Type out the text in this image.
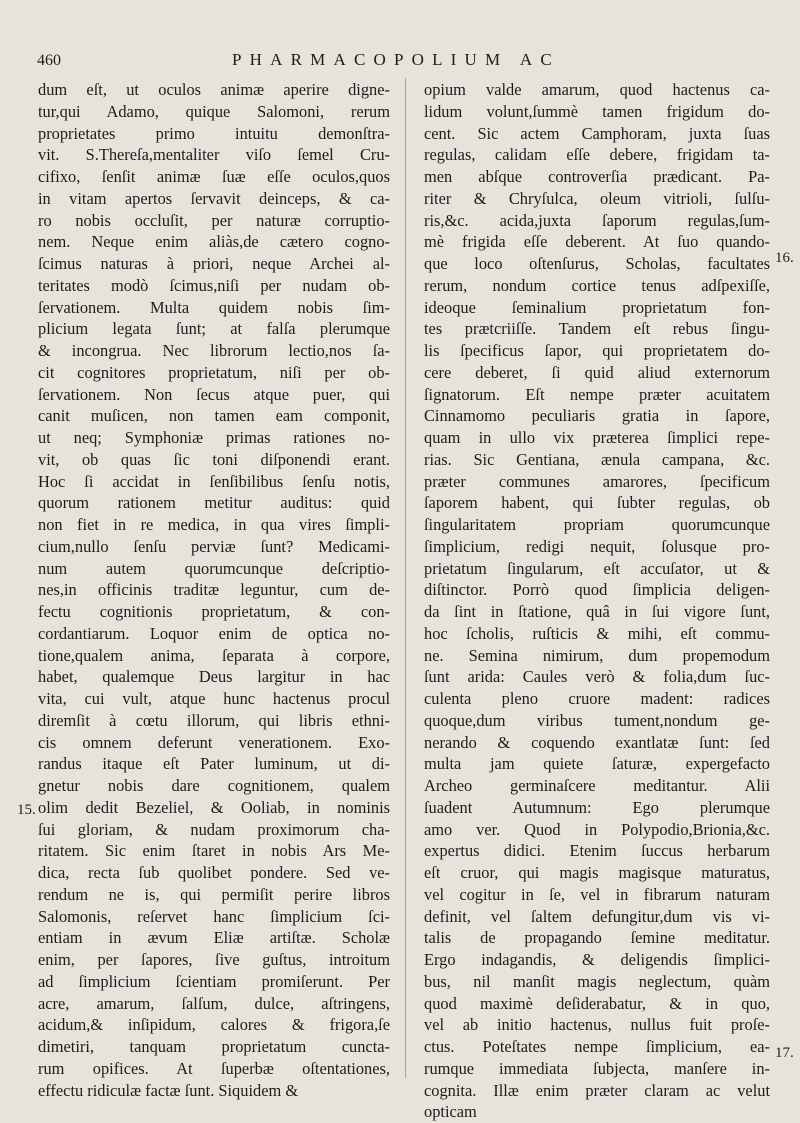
460	PHARMACOPOLIUM AC
dum eſt, ut oculos animæ aperire digne-
tur,qui Adamo, quique Salomoni, rerum
proprietates primo intuitu demonſtra-
vit. S.Thereſa,mentaliter viſo ſemel Cru-
cifixo, ſenſit animæ ſuæ eſſe oculos,quos
in vitam apertos ſervavit deinceps, & ca-
ro nobis occluſit, per naturæ corruptio-
nem. Neque enim aliàs,de cætero cogno-
ſcimus naturas à priori, neque Archei al-
teritates modò ſcimus,niſi per nudam ob-
ſervationem. Multa quidem nobis ſim-
plicium legata ſunt; at falſa plerumque
& incongrua. Nec librorum lectio,nos ſa-
cit cognitores proprietatum, niſi per ob-
ſervationem. Non ſecus atque puer, qui
canit muſicen, non tamen eam componit,
ut neq; Symphoniæ primas rationes no-
vit, ob quas ſic toni diſponendi erant.
Hoc ſi accidat in ſenſibilibus ſenſu notis,
quorum rationem metitur auditus: quid
non fiet in re medica, in qua vires ſimpli-
cium,nullo ſenſu perviæ ſunt? Medicami-
num autem quorumcunque deſcriptio-
nes,in officinis traditæ leguntur, cum de-
fectu cognitionis proprietatum, & con-
cordantiarum. Loquor enim de optica no-
tione,qualem anima, ſeparata à corpore,
habet, qualemque Deus largitur in hac
vita, cui vult, atque hunc hactenus procul
diremſit à cœtu illorum, qui libris ethni-
cis omnem deferunt venerationem. Exo-
randus itaque eſt Pater luminum, ut di-
gnetur nobis dare cognitionem, qualem
olim dedit Bezeliel, & Ooliab, in nominis
ſui gloriam, & nudam proximorum cha-
ritatem. Sic enim ſtaret in nobis Ars Me-
dica, recta ſub quolibet pondere. Sed ve-
rendum ne is, qui permiſit perire libros
Salomonis, reſervet hanc ſimplicium ſci-
entiam in ævum Eliæ artiſtæ. Scholæ
enim, per ſapores, ſive guſtus, introitum
ad ſimplicium ſcientiam promiſerunt. Per
acre, amarum, ſalſum, dulce, aſtringens,
acidum,& inſipidum, calores & frigora,ſe
dimetiri, tanquam proprietatum cuncta-
rum opifices. At ſuperbæ oſtentationes,
effectu ridiculæ factæ ſunt. Siquidem &
opium valde amarum, quod hactenus ca-
lidum volunt,ſummè tamen frigidum do-
cent. Sic actem Camphoram, juxta ſuas
regulas, calidam eſſe debere, frigidam ta-
men abſque controverſia prædicant. Pa-
riter & Chryſulca, oleum vitrioli, ſulſu-
ris,&c. acida,juxta ſaporum regulas,ſum-
mè frigida eſſe deberent. At ſuo quando-
que loco oſtenſurus, Scholas, facultates
rerum, nondum cortice tenus adſpexiſſe,
ideoque ſeminalium proprietatum fon-
tes prætcriiſſe. Tandem eſt rebus ſingu-
lis ſpecificus ſapor, qui proprietatem do-
cere deberet, ſi quid aliud externorum
ſignatorum. Eſt nempe præter acuitatem
Cinnamomo peculiaris gratia in ſapore,
quam in ullo vix præterea ſimplici repe-
rias. Sic Gentiana, ænula campana, &c.
præter communes amarores, ſpecificum
ſaporem habent, qui ſubter regulas, ob
ſingularitatem propriam quorumcunque
ſimplicium, redigi nequit, ſolusque pro-
prietatum ſingularum, eſt accuſator, ut &
diſtinctor. Porrò quod ſimplicia deligen-
da ſint in ſtatione, quâ in ſui vigore ſunt,
hoc ſcholis, ruſticis & mihi, eſt commu-
ne. Semina nimirum, dum propemodum
ſunt arida: Caules verò & folia,dum ſuc-
culenta pleno cruore madent: radices
quoque,dum viribus tument,nondum ge-
nerando & coquendo exantlatæ ſunt: ſed
multa jam quiete ſaturæ, expergefacto
Archeo germinaſcere meditantur. Alii
ſuadent Autumnum: Ego plerumque
amo ver. Quod in Polypodio,Brionia,&c.
expertus didici. Etenim ſuccus herbarum
eſt cruor, qui magis magisque maturatus,
vel cogitur in ſe, vel in fibrarum naturam
definit, vel ſaltem defungitur,dum vis vi-
talis de propagando ſemine meditatur.
Ergo indagandis, & deligendis ſimplici-
bus, nil manſit magis neglectum, quàm
quod maximè deſiderabatur, & in quo,
vel ab initio hactenus, nullus fuit proſe-
ctus. Poteſtates nempe ſimplicium, ea-
rumque immediata ſubjecta, manſere in-
cognita. Illæ enim præter claram ac velut
opticam
15.
16.
17.
